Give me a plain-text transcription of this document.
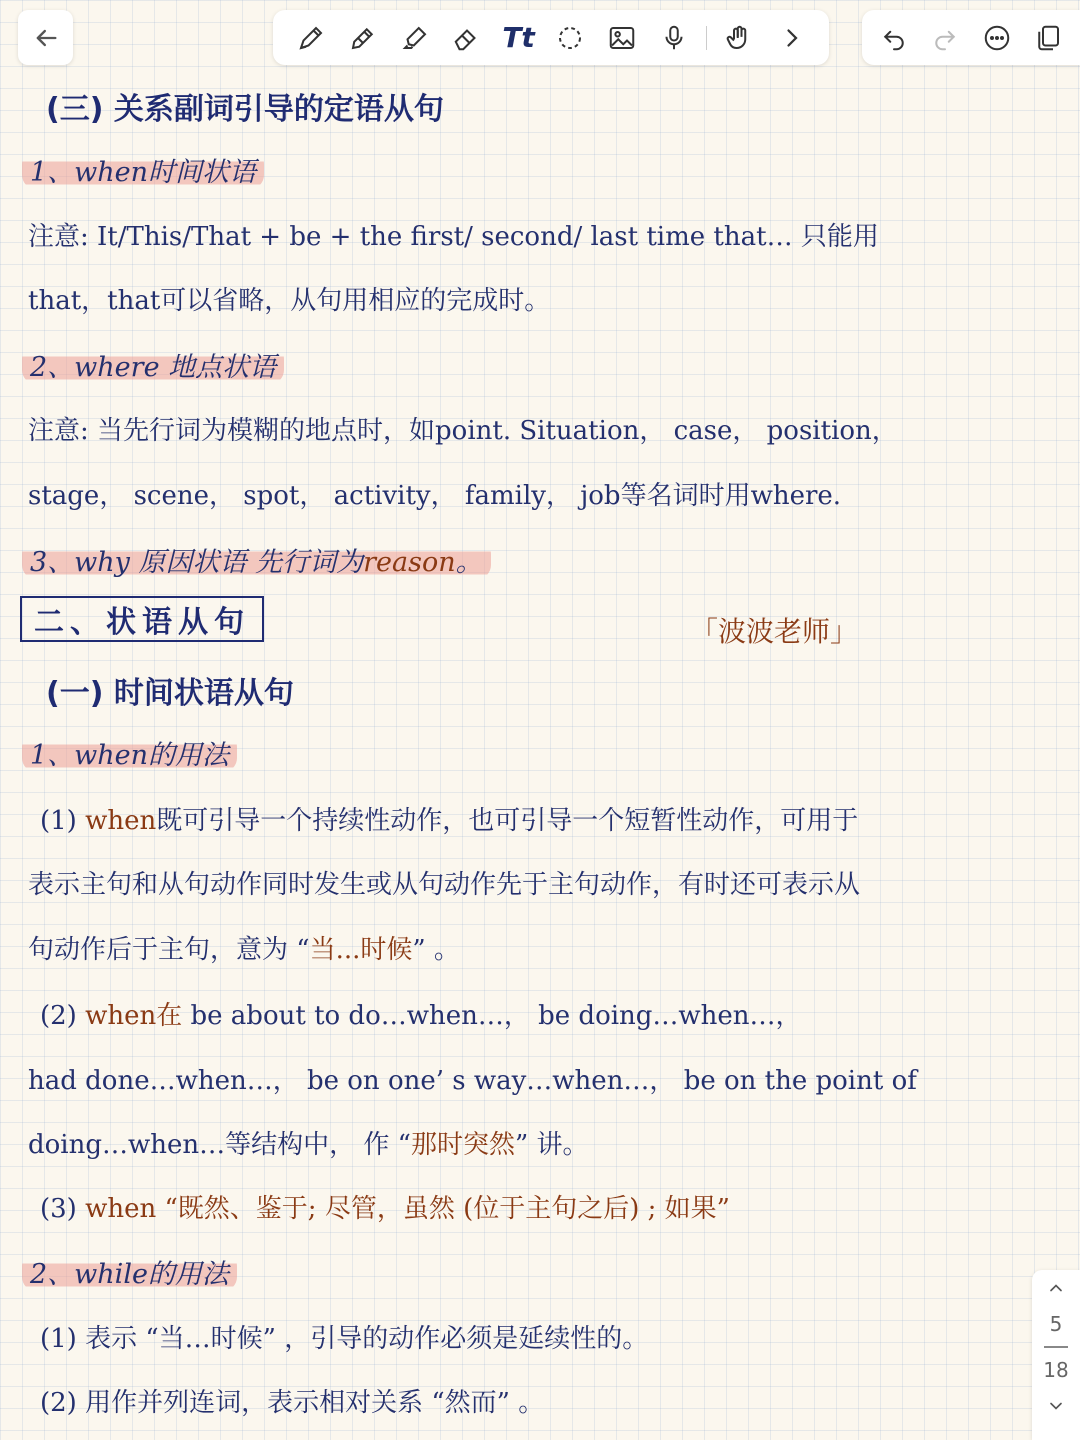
Tt
(三) 关系副词引导的定语从句
1、when时间状语
注意: It/This/That + be + the first/ second/ last time that… 只能用
that，that可以省略，从句用相应的完成时。
2、where 地点状语
注意: 当先行词为模糊的地点时，如point. Situation， case， position，
stage， scene， spot， activity， family， job等名词时用where.
3、why 原因状语 先行词为reason。
二、状语从句	「波波老师」
(一) 时间状语从句
1、when的用法
(1) when既可引导一个持续性动作，也可引导一个短暂性动作，可用于
表示主句和从句动作同时发生或从句动作先于主句动作，有时还可表示从
句动作后于主句，意为 “当...时候” 。
(2) when在 be about to do…when…， be doing…when…，
had done…when…， be on one’ s way…when…， be on the point of
doing…when…等结构中， 作 “那时突然” 讲。
(3) when “既然、鉴于; 尽管，虽然 (位于主句之后) ; 如果”
2、while的用法
(1) 表示 “当…时候” ，引导的动作必须是延续性的。
(2) 用作并列连词，表示相对关系 “然而” 。
5
18
